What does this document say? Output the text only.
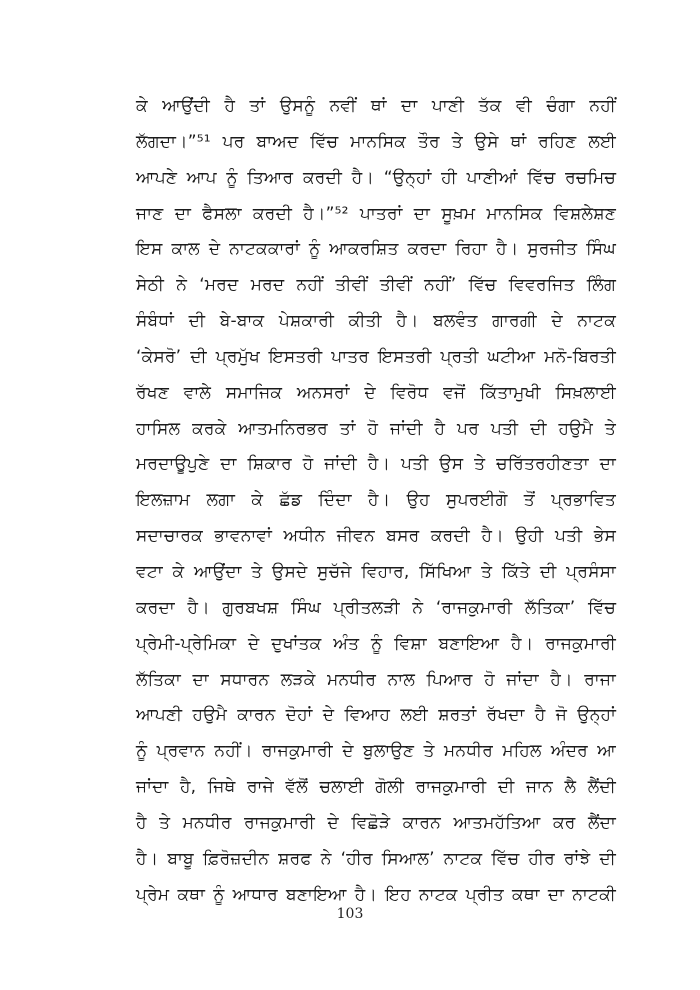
ਕੇ ਆਉਂਦੀ ਹੈ ਤਾਂ ਉਸਨੂੰ ਨਵੀਂ ਥਾਂ ਦਾ ਪਾਣੀ ਤੱਕ ਵੀ ਚੰਗਾ ਨਹੀਂ
ਲੱਗਦਾ।”⁵¹ ਪਰ ਬਾਅਦ ਵਿੱਚ ਮਾਨਸਿਕ ਤੌਰ ਤੇ ਉਸੇ ਥਾਂ ਰਹਿਣ ਲਈ
ਆਪਣੇ ਆਪ ਨੂੰ ਤਿਆਰ ਕਰਦੀ ਹੈ। “ਉਨ੍ਹਾਂ ਹੀ ਪਾਣੀਆਂ ਵਿੱਚ ਰਚਮਿਚ
ਜਾਣ ਦਾ ਫੈਸਲਾ ਕਰਦੀ ਹੈ।”⁵² ਪਾਤਰਾਂ ਦਾ ਸੂਖ਼ਮ ਮਾਨਸਿਕ ਵਿਸ਼ਲੇਸ਼ਣ
ਇਸ ਕਾਲ ਦੇ ਨਾਟਕਕਾਰਾਂ ਨੂੰ ਆਕਰਸ਼ਿਤ ਕਰਦਾ ਰਿਹਾ ਹੈ। ਸੁਰਜੀਤ ਸਿੰਘ
ਸੇਠੀ ਨੇ ‘ਮਰਦ ਮਰਦ ਨਹੀਂ ਤੀਵੀਂ ਤੀਵੀਂ ਨਹੀਂ’ ਵਿੱਚ ਵਿਵਰਜਿਤ ਲਿੰਗ
ਸੰਬੰਧਾਂ ਦੀ ਬੇ-ਬਾਕ ਪੇਸ਼ਕਾਰੀ ਕੀਤੀ ਹੈ। ਬਲਵੰਤ ਗਾਰਗੀ ਦੇ ਨਾਟਕ
‘ਕੇਸਰੋ’ ਦੀ ਪ੍ਰਮੁੱਖ ਇਸਤਰੀ ਪਾਤਰ ਇਸਤਰੀ ਪ੍ਰਤੀ ਘਟੀਆ ਮਨੋ-ਬਿਰਤੀ
ਰੱਖਣ ਵਾਲੇ ਸਮਾਜਿਕ ਅਨਸਰਾਂ ਦੇ ਵਿਰੋਧ ਵਜੋਂ ਕਿੱਤਾਮੁਖੀ ਸਿਖ਼ਲਾਈ
ਹਾਸਿਲ ਕਰਕੇ ਆਤਮਨਿਰਭਰ ਤਾਂ ਹੋ ਜਾਂਦੀ ਹੈ ਪਰ ਪਤੀ ਦੀ ਹਉਮੈ ਤੇ
ਮਰਦਾਊਪੁਣੇ ਦਾ ਸ਼ਿਕਾਰ ਹੋ ਜਾਂਦੀ ਹੈ। ਪਤੀ ਉਸ ਤੇ ਚਰਿੱਤਰਹੀਣਤਾ ਦਾ
ਇਲਜ਼ਾਮ ਲਗਾ ਕੇ ਛੱਡ ਦਿੰਦਾ ਹੈ। ਉਹ ਸੁਪਰਈਗੋ ਤੋਂ ਪ੍ਰਭਾਵਿਤ
ਸਦਾਚਾਰਕ ਭਾਵਨਾਵਾਂ ਅਧੀਨ ਜੀਵਨ ਬਸਰ ਕਰਦੀ ਹੈ। ਉਹੀ ਪਤੀ ਭੇਸ
ਵਟਾ ਕੇ ਆਉਂਦਾ ਤੇ ਉਸਦੇ ਸੁਚੱਜੇ ਵਿਹਾਰ, ਸਿੱਖਿਆ ਤੇ ਕਿੱਤੇ ਦੀ ਪ੍ਰਸੰਸਾ
ਕਰਦਾ ਹੈ। ਗੁਰਬਖਸ਼ ਸਿੰਘ ਪ੍ਰੀਤਲੜੀ ਨੇ ‘ਰਾਜਕੁਮਾਰੀ ਲੱਤਿਕਾ’ ਵਿੱਚ
ਪ੍ਰੇਮੀ-ਪ੍ਰੇਮਿਕਾ ਦੇ ਦੁਖਾਂਤਕ ਅੰਤ ਨੂੰ ਵਿਸ਼ਾ ਬਣਾਇਆ ਹੈ। ਰਾਜਕੁਮਾਰੀ
ਲੱਤਿਕਾ ਦਾ ਸਧਾਰਨ ਲੜਕੇ ਮਨਧੀਰ ਨਾਲ ਪਿਆਰ ਹੋ ਜਾਂਦਾ ਹੈ। ਰਾਜਾ
ਆਪਣੀ ਹਉਮੈ ਕਾਰਨ ਦੋਹਾਂ ਦੇ ਵਿਆਹ ਲਈ ਸ਼ਰਤਾਂ ਰੱਖਦਾ ਹੈ ਜੋ ਉਨ੍ਹਾਂ
ਨੂੰ ਪ੍ਰਵਾਨ ਨਹੀਂ। ਰਾਜਕੁਮਾਰੀ ਦੇ ਬੁਲਾਉਣ ਤੇ ਮਨਧੀਰ ਮਹਿਲ ਅੰਦਰ ਆ
ਜਾਂਦਾ ਹੈ, ਜਿਥੇ ਰਾਜੇ ਵੱਲੋਂ ਚਲਾਈ ਗੋਲੀ ਰਾਜਕੁਮਾਰੀ ਦੀ ਜਾਨ ਲੈ ਲੈਂਦੀ
ਹੈ ਤੇ ਮਨਧੀਰ ਰਾਜਕੁਮਾਰੀ ਦੇ ਵਿਛੋੜੇ ਕਾਰਨ ਆਤਮਹੱਤਿਆ ਕਰ ਲੈਂਦਾ
ਹੈ। ਬਾਬੂ ਫ਼ਿਰੋਜ਼ਦੀਨ ਸ਼ਰਫ ਨੇ ‘ਹੀਰ ਸਿਆਲ’ ਨਾਟਕ ਵਿੱਚ ਹੀਰ ਰਾਂਝੇ ਦੀ
ਪ੍ਰੇਮ ਕਥਾ ਨੂੰ ਆਧਾਰ ਬਣਾਇਆ ਹੈ। ਇਹ ਨਾਟਕ ਪ੍ਰੀਤ ਕਥਾ ਦਾ ਨਾਟਕੀ
103
